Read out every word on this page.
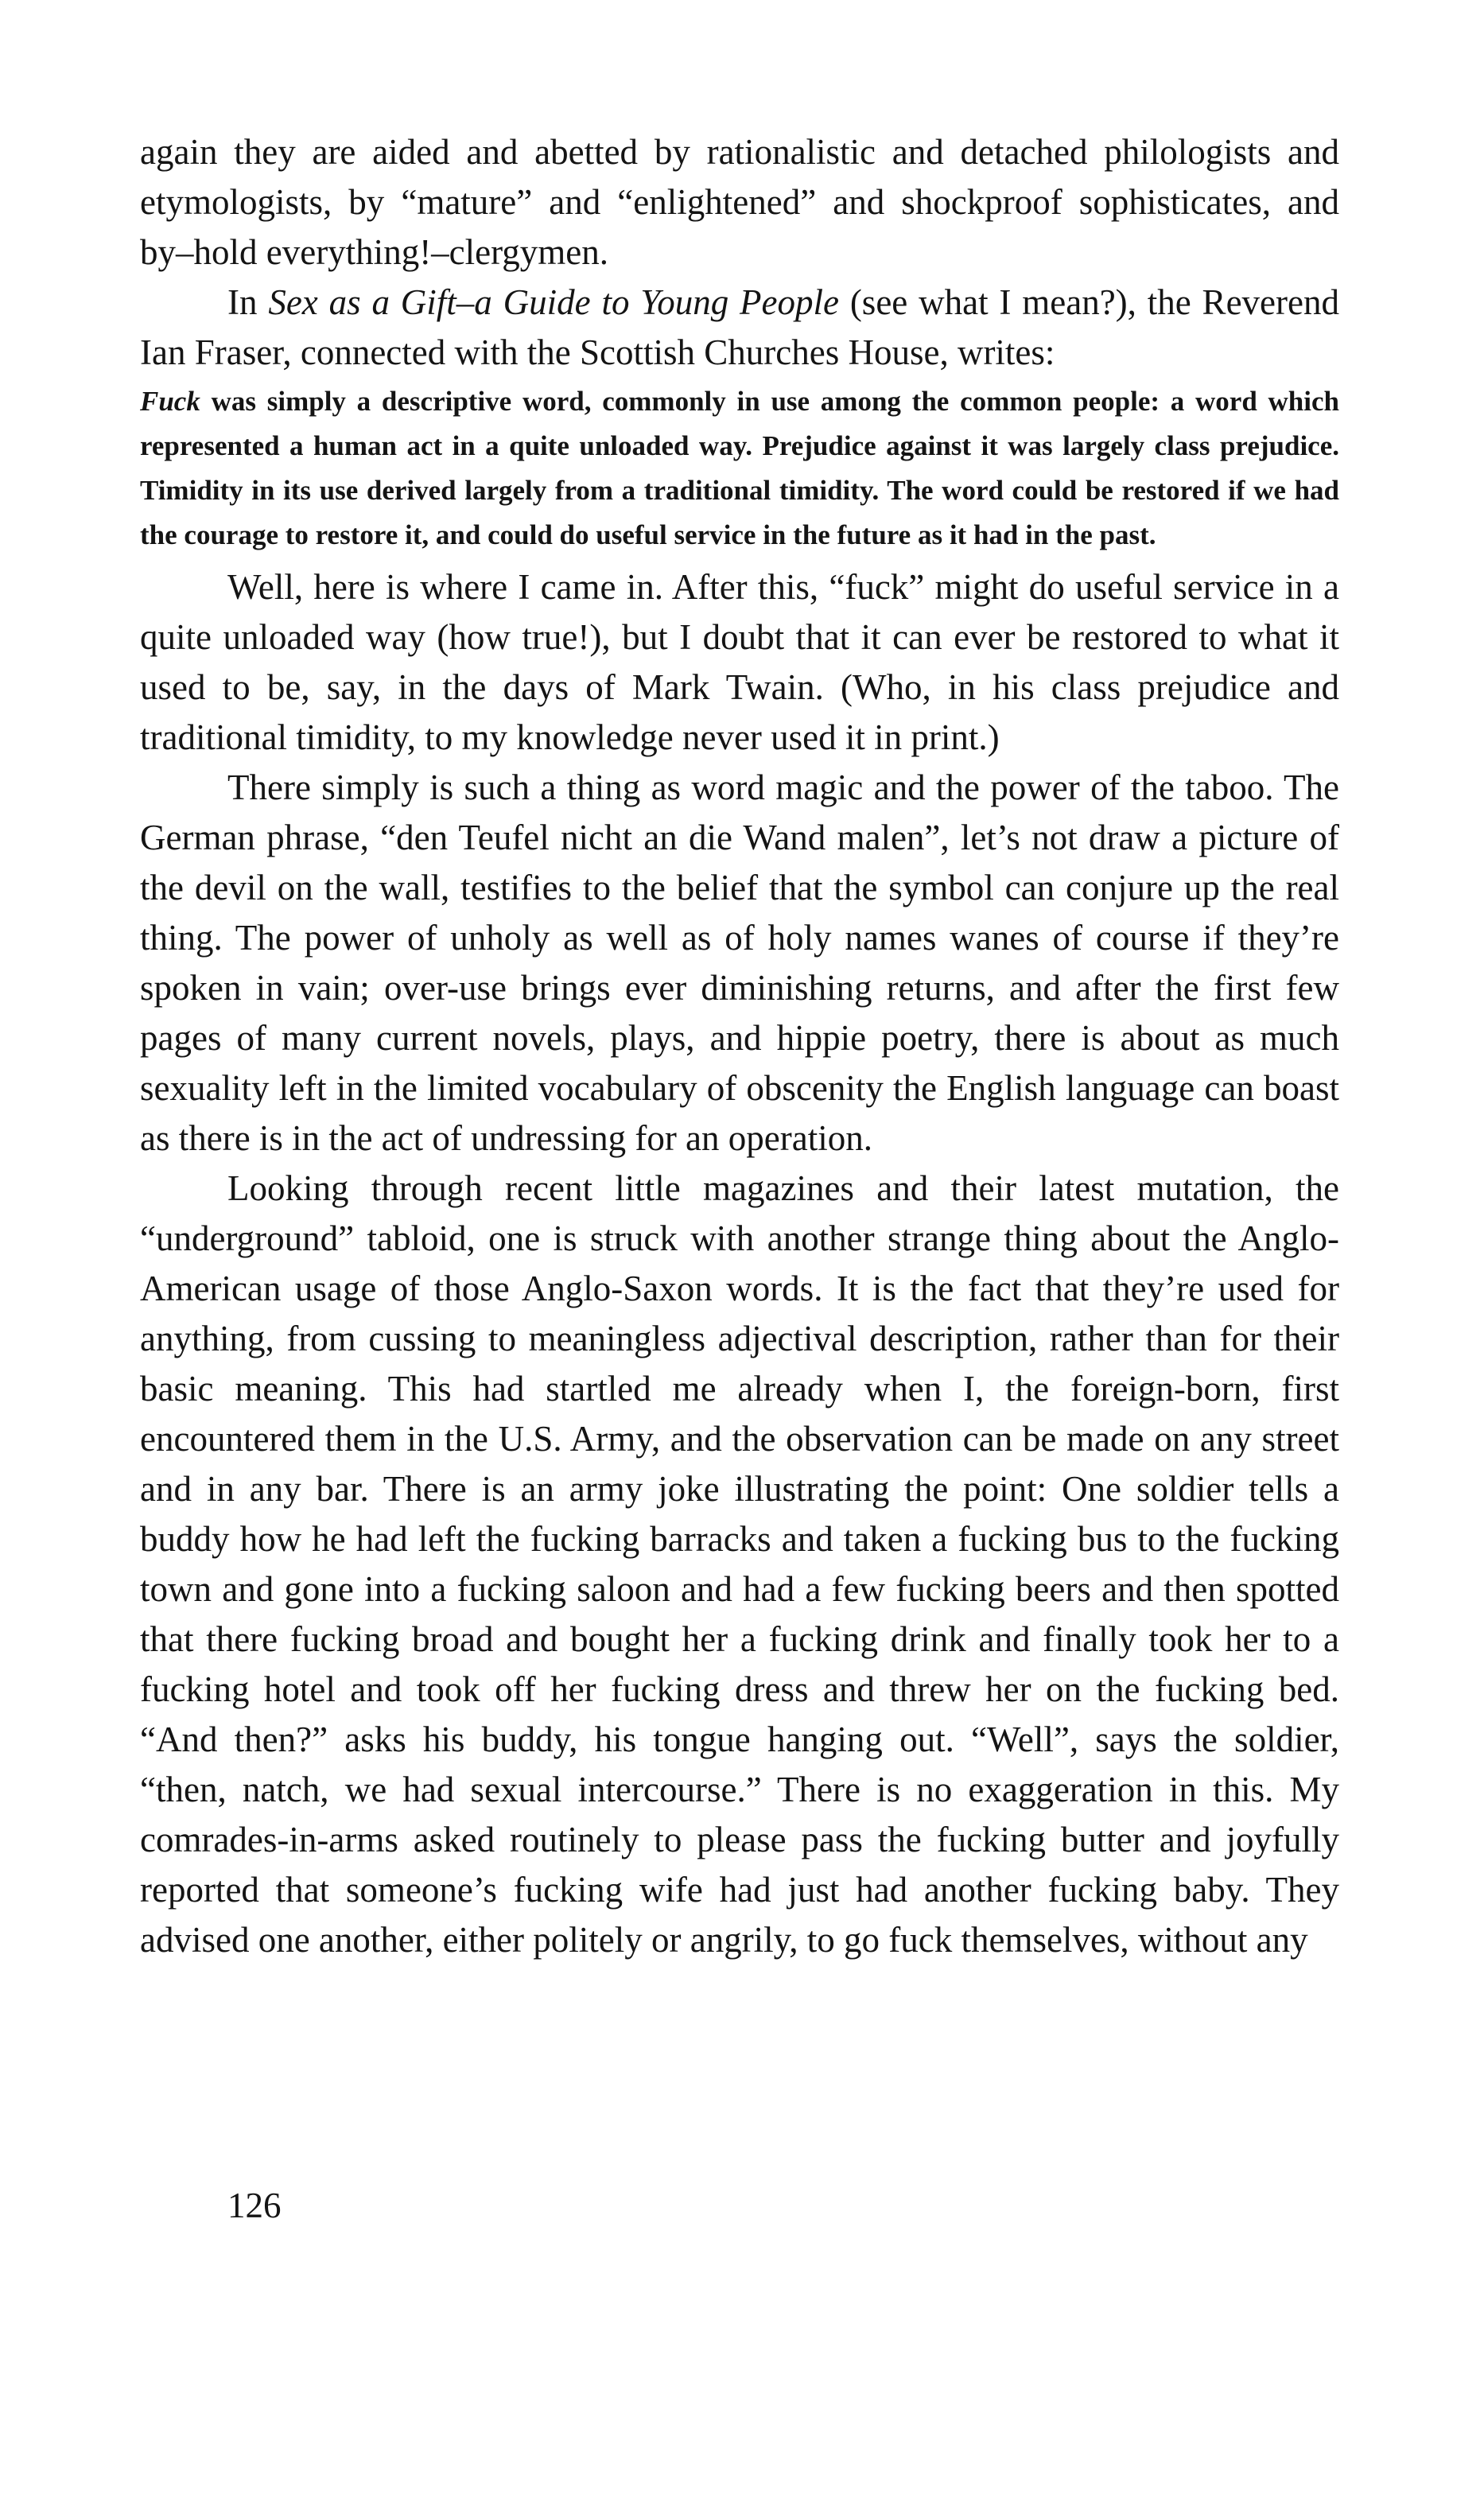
again they are aided and abetted by rationalistic and detached philologists and etymologists, by “mature” and “enlightened” and shockproof sophisticates, and by–hold everything!–clergymen.

In Sex as a Gift–a Guide to Young People (see what I mean?), the Reverend Ian Fraser, connected with the Scottish Churches House, writes:

Fuck was simply a descriptive word, commonly in use among the common people: a word which represented a human act in a quite unloaded way. Prejudice against it was largely class prejudice. Timidity in its use derived largely from a traditional timidity. The word could be restored if we had the courage to restore it, and could do useful service in the future as it had in the past.

Well, here is where I came in. After this, “fuck” might do useful service in a quite unloaded way (how true!), but I doubt that it can ever be restored to what it used to be, say, in the days of Mark Twain. (Who, in his class prejudice and traditional timidity, to my knowledge never used it in print.)

There simply is such a thing as word magic and the power of the taboo. The German phrase, “den Teufel nicht an die Wand malen”, let’s not draw a picture of the devil on the wall, testifies to the belief that the symbol can conjure up the real thing. The power of unholy as well as of holy names wanes of course if they’re spoken in vain; over-use brings ever diminishing returns, and after the first few pages of many current novels, plays, and hippie poetry, there is about as much sexuality left in the limited vocabulary of obscenity the English language can boast as there is in the act of undressing for an operation.

Looking through recent little magazines and their latest mutation, the “underground” tabloid, one is struck with another strange thing about the Anglo-American usage of those Anglo-Saxon words. It is the fact that they’re used for anything, from cussing to meaningless adjectival description, rather than for their basic meaning. This had startled me already when I, the foreign-born, first encountered them in the U.S. Army, and the observation can be made on any street and in any bar. There is an army joke illustrating the point: One soldier tells a buddy how he had left the fucking barracks and taken a fucking bus to the fucking town and gone into a fucking saloon and had a few fucking beers and then spotted that there fucking broad and bought her a fucking drink and finally took her to a fucking hotel and took off her fucking dress and threw her on the fucking bed. “And then?” asks his buddy, his tongue hanging out. “Well”, says the soldier, “then, natch, we had sexual intercourse.” There is no exaggeration in this. My comrades-in-arms asked routinely to please pass the fucking butter and joyfully reported that someone’s fucking wife had just had another fucking baby. They advised one another, either politely or angrily, to go fuck themselves, without any

126
